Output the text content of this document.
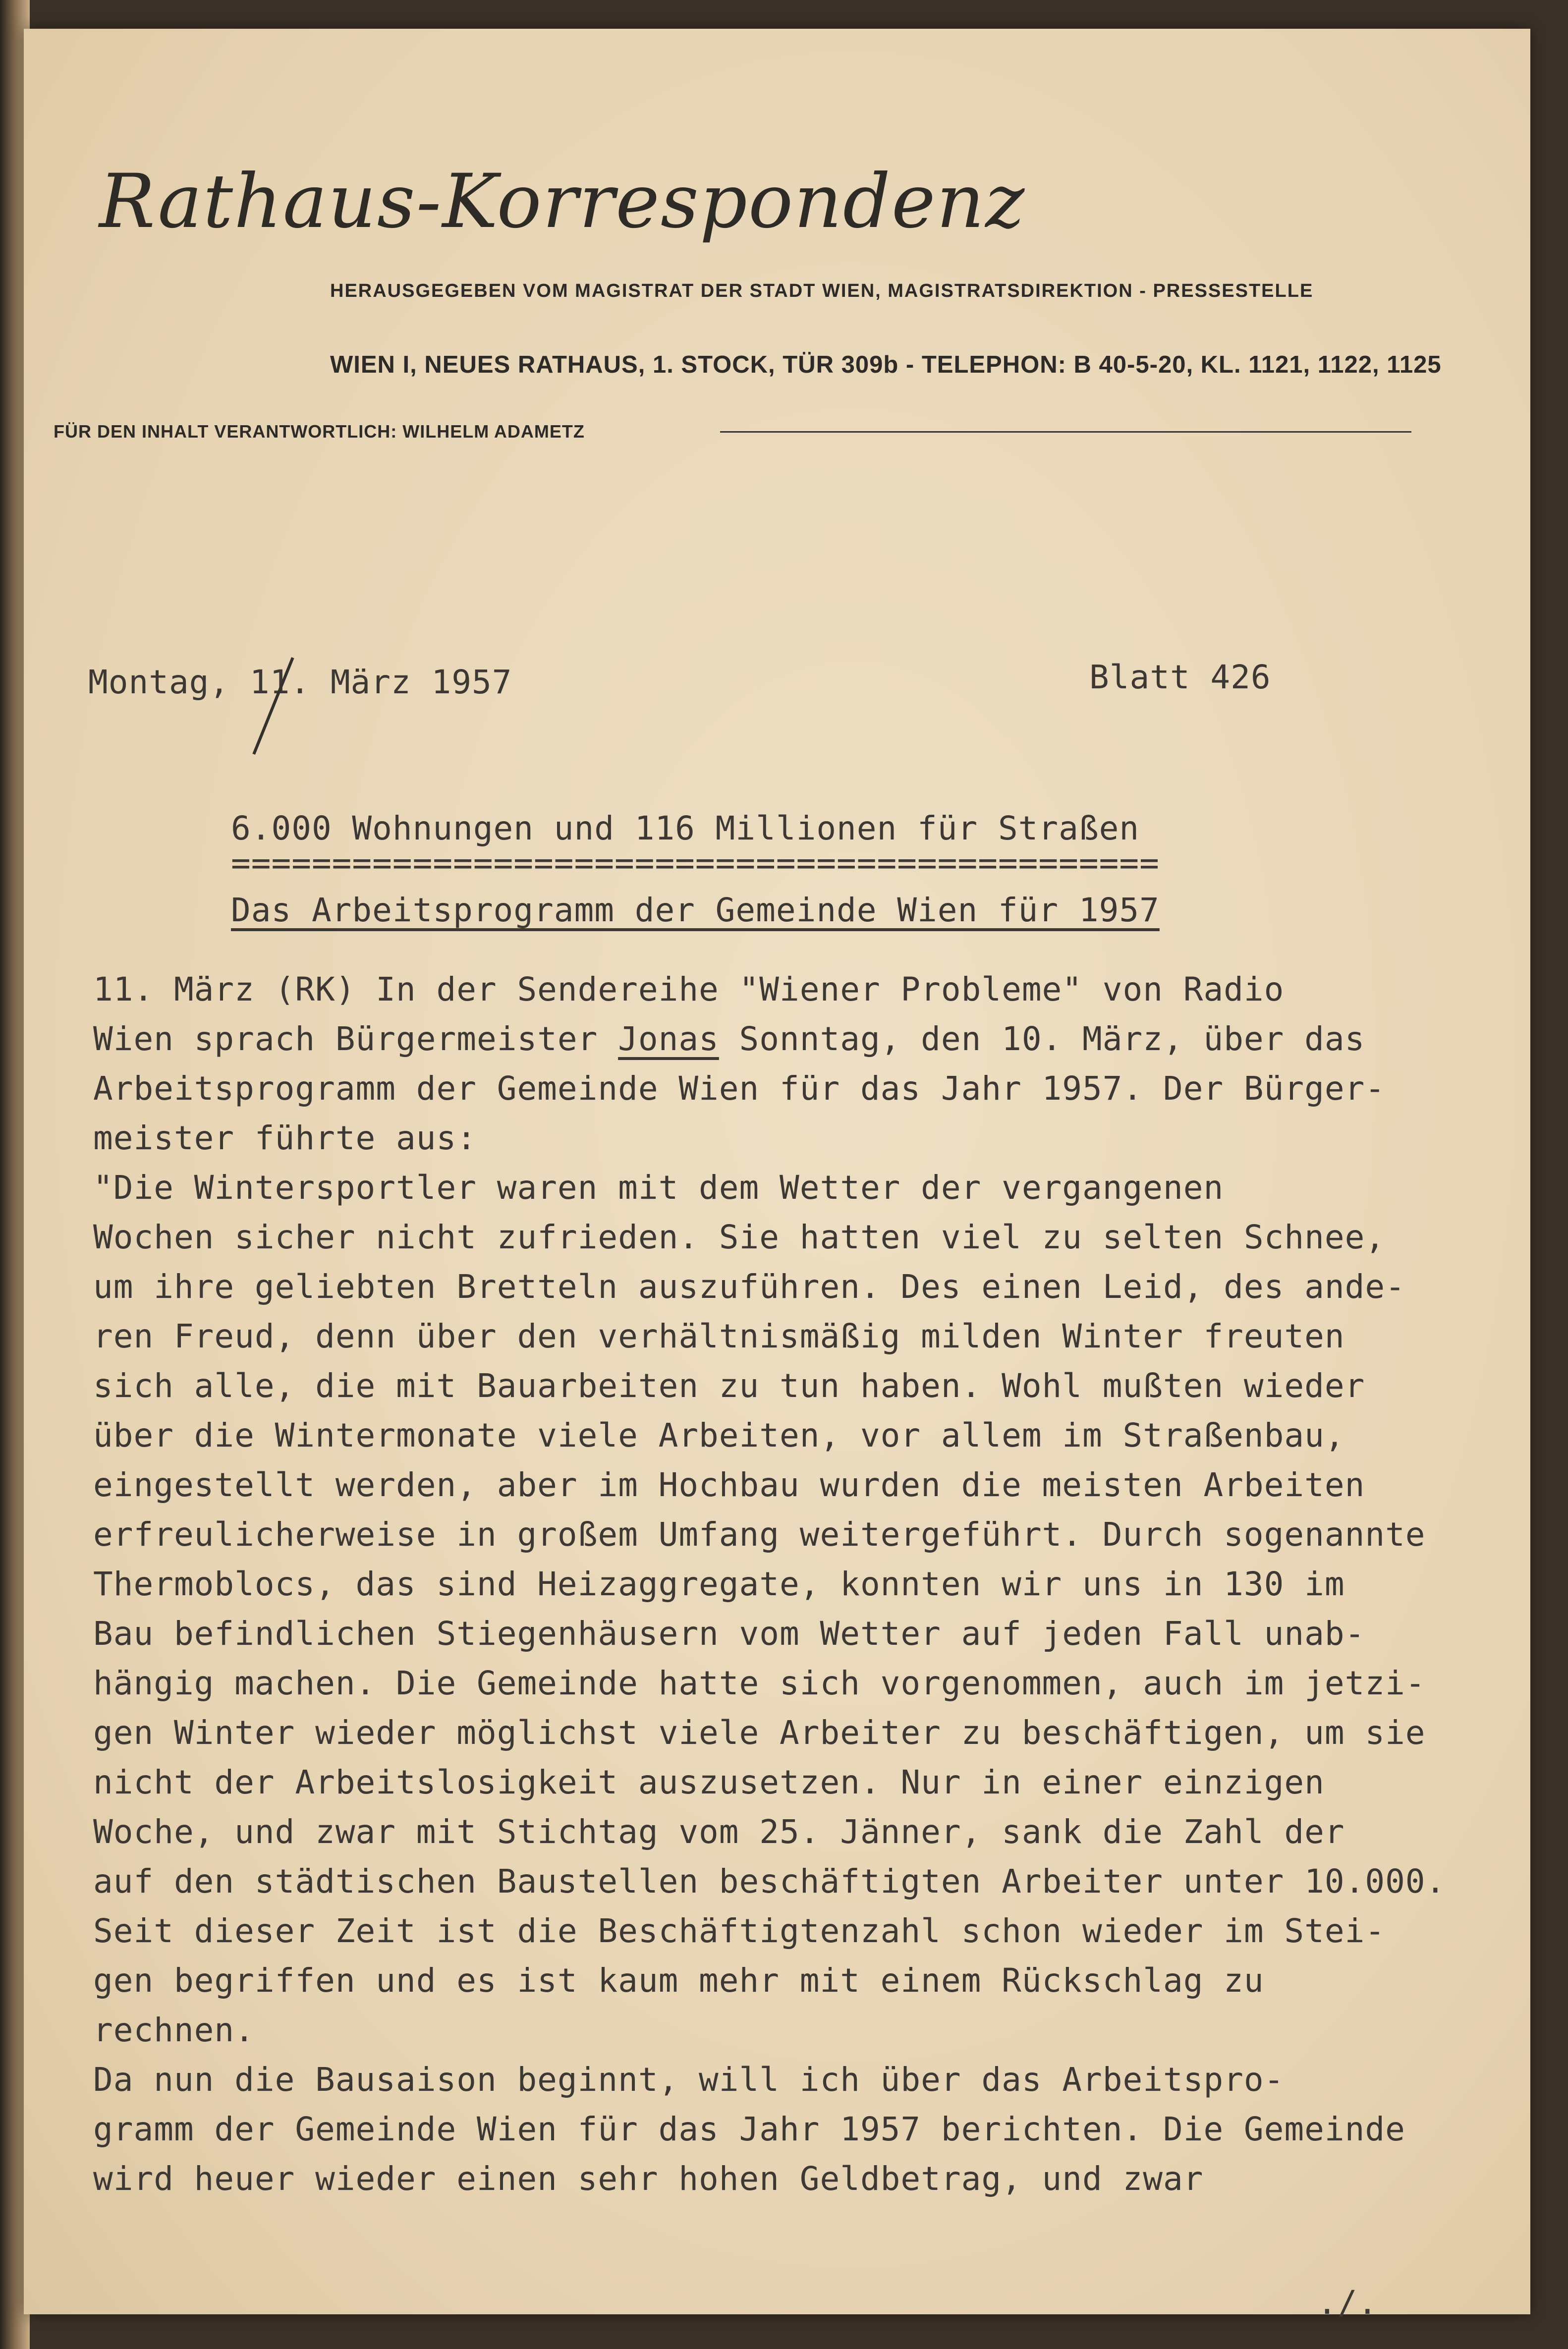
Rathaus-Korrespondenz
HERAUSGEGEBEN VOM MAGISTRAT DER STADT WIEN, MAGISTRATSDIREKTION - PRESSESTELLE
WIEN I, NEUES RATHAUS, 1. STOCK, TÜR 309b - TELEPHON: B 40-5-20, KL. 1121, 1122, 1125
FÜR DEN INHALT VERANTWORTLICH: WILHELM ADAMETZ
Montag, 11. März 1957	Blatt 426
6.000 Wohnungen und 116 Millionen für Straßen
==============================================
Das Arbeitsprogramm der Gemeinde Wien für 1957
11. März (RK) In der Sendereihe "Wiener Probleme" von Radio
Wien sprach Bürgermeister Jonas Sonntag, den 10. März, über das
Arbeitsprogramm der Gemeinde Wien für das Jahr 1957. Der Bürger-
meister führte aus:
"Die Wintersportler waren mit dem Wetter der vergangenen
Wochen sicher nicht zufrieden. Sie hatten viel zu selten Schnee,
um ihre geliebten Bretteln auszuführen. Des einen Leid, des ande-
ren Freud, denn über den verhältnismäßig milden Winter freuten
sich alle, die mit Bauarbeiten zu tun haben. Wohl mußten wieder
über die Wintermonate viele Arbeiten, vor allem im Straßenbau,
eingestellt werden, aber im Hochbau wurden die meisten Arbeiten
erfreulicherweise in großem Umfang weitergeführt. Durch sogenannte
Thermoblocs, das sind Heizaggregate, konnten wir uns in 130 im
Bau befindlichen Stiegenhäusern vom Wetter auf jeden Fall unab-
hängig machen. Die Gemeinde hatte sich vorgenommen, auch im jetzi-
gen Winter wieder möglichst viele Arbeiter zu beschäftigen, um sie
nicht der Arbeitslosigkeit auszusetzen. Nur in einer einzigen
Woche, und zwar mit Stichtag vom 25. Jänner, sank die Zahl der
auf den städtischen Baustellen beschäftigten Arbeiter unter 10.000.
Seit dieser Zeit ist die Beschäftigtenzahl schon wieder im Stei-
gen begriffen und es ist kaum mehr mit einem Rückschlag zu
rechnen.
Da nun die Bausaison beginnt, will ich über das Arbeitspro-
gramm der Gemeinde Wien für das Jahr 1957 berichten. Die Gemeinde
wird heuer wieder einen sehr hohen Geldbetrag, und zwar
./.
